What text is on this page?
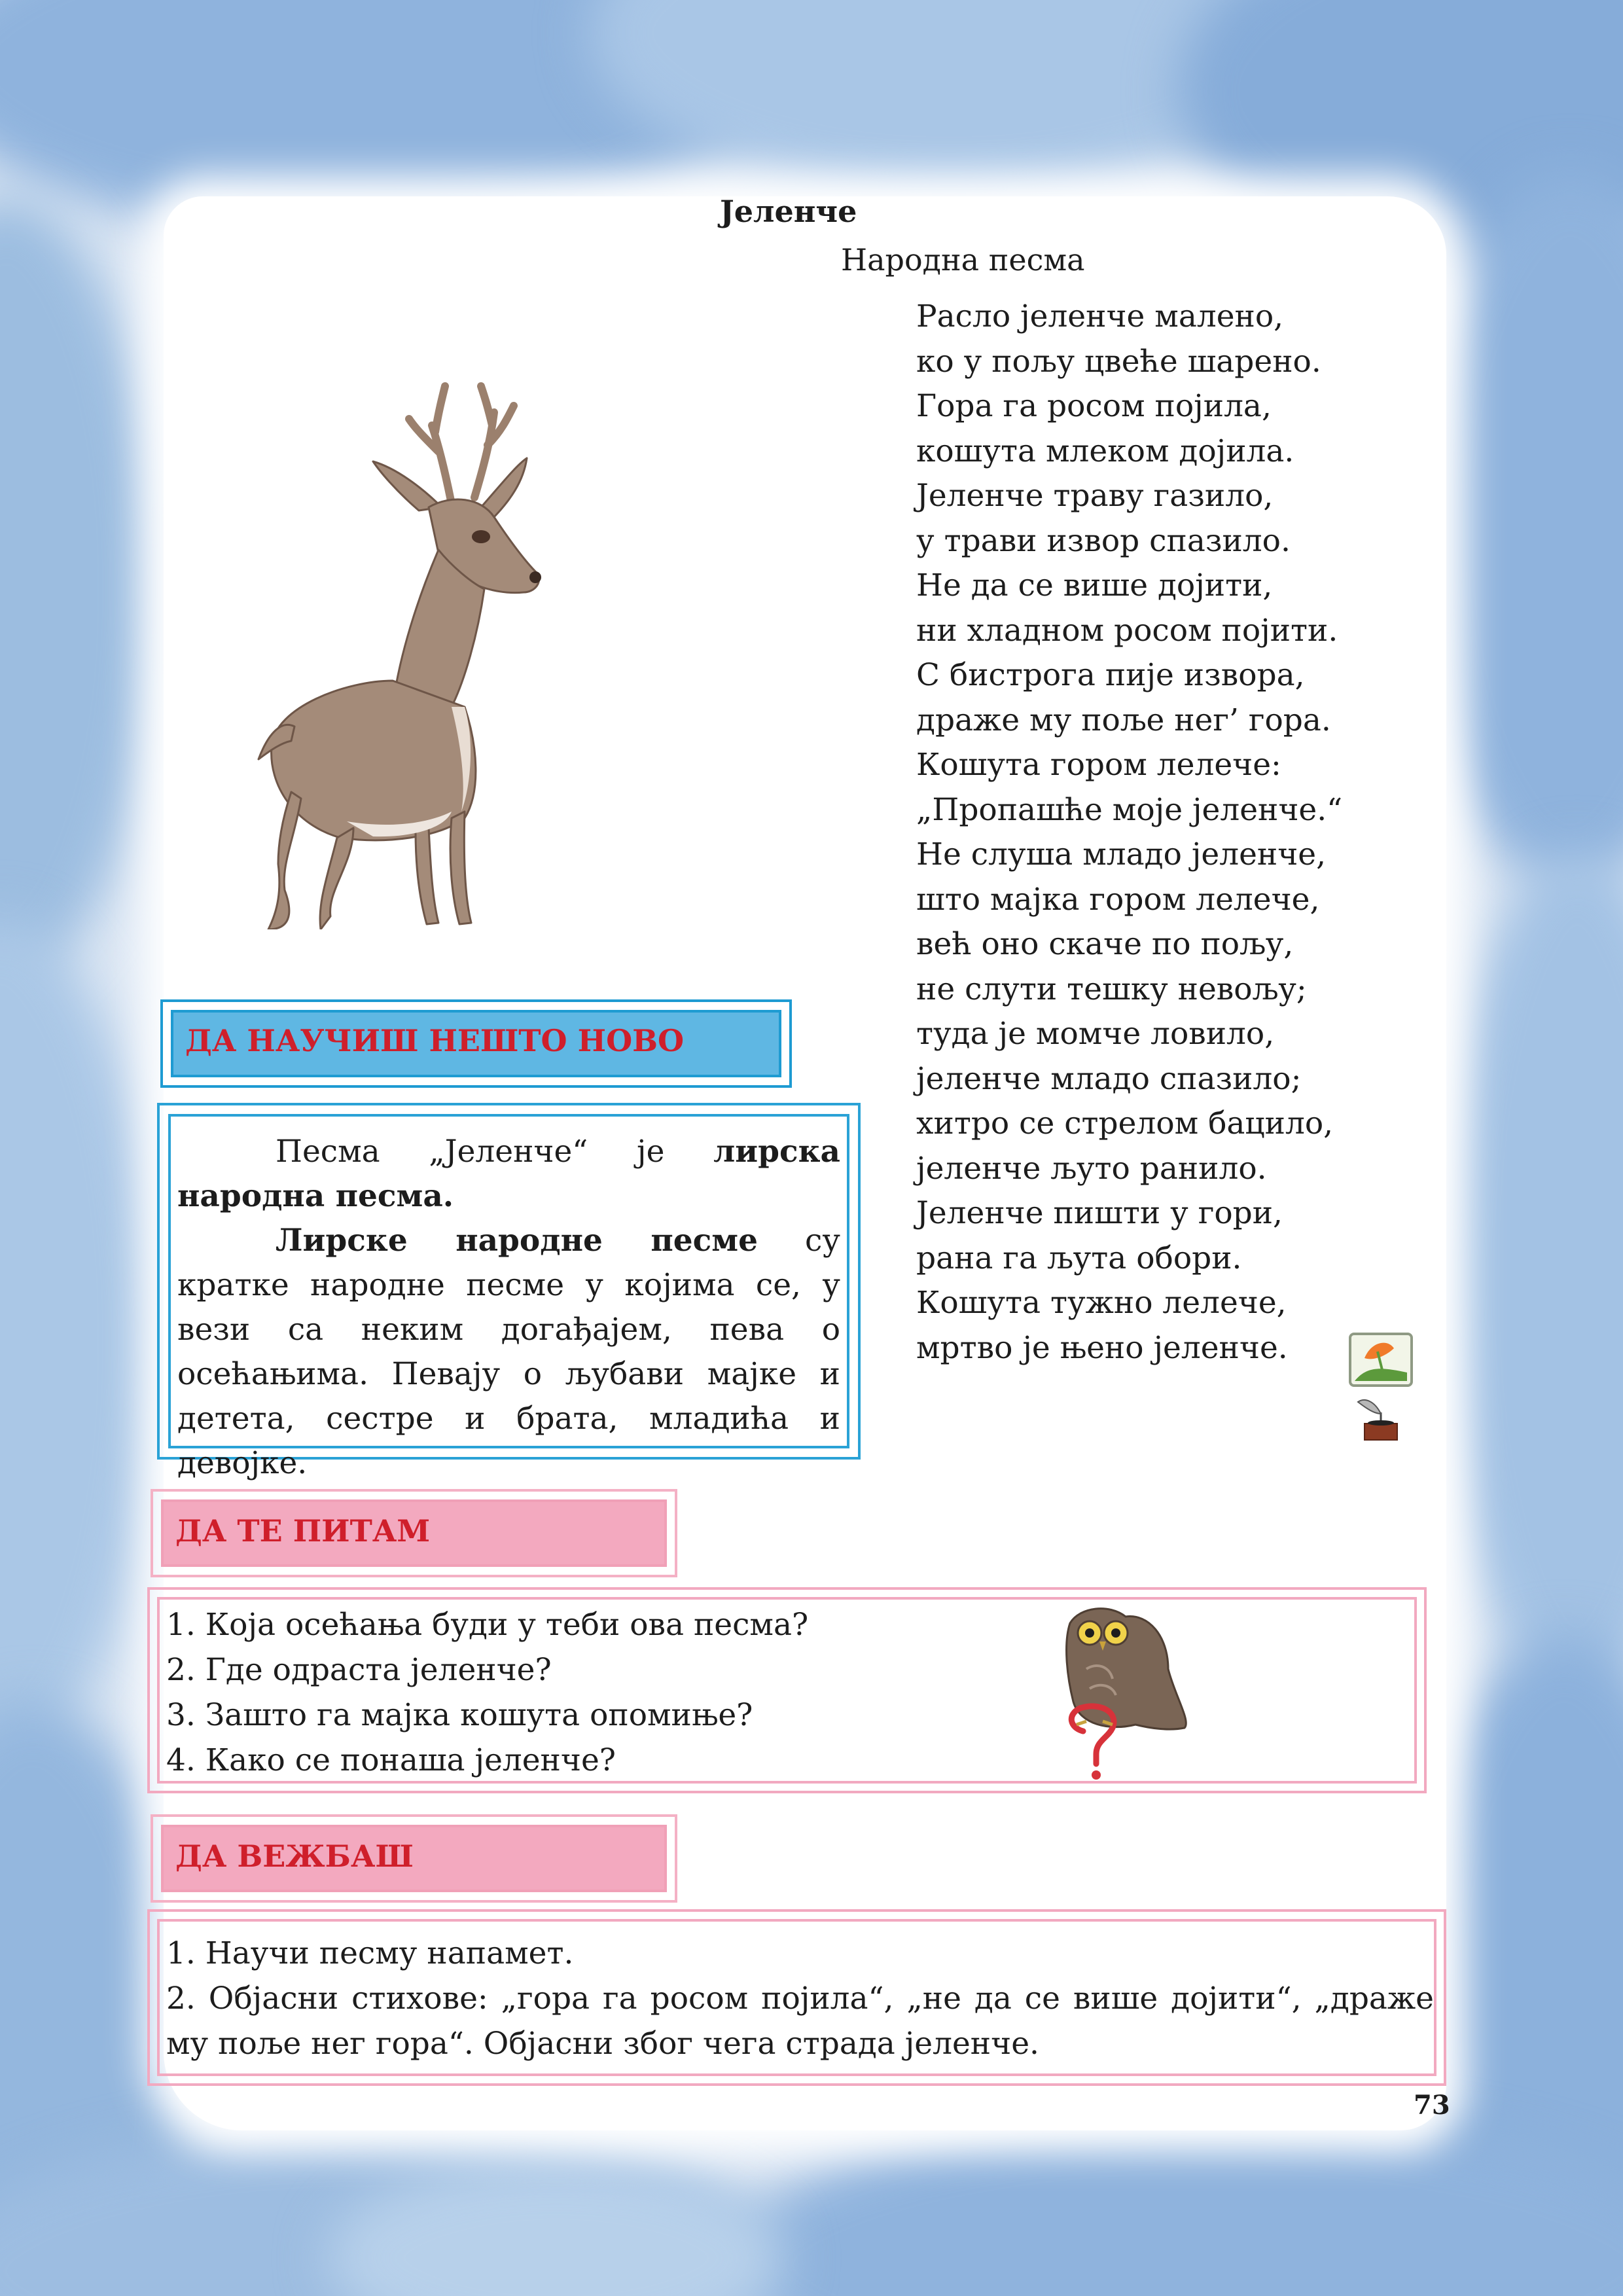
Јеленче
Народна песма
Расло јеленче малено,
ко у пољу цвеће шарено.
Гора га росом појила,
кошута млеком дојила.
Јеленче траву газило,
у трави извор спазило.
Не да се више дојити,
ни хладном росом појити.
С бистрога пије извора,
драже му поље нег’ гора.
Кошута гором лелече:
„Пропашће моје јеленче.“
Не слуша младо јеленче,
што мајка гором лелече,
већ оно скаче по пољу,
не слути тешку невољу;
туда је момче ловило,
јеленче младо спазило;
хитро се стрелом бацило,
јеленче љуто ранило.
Јеленче пишти у гори,
рана га љута обори.
Кошута тужно лелече,
мртво је њено јеленче.
ДА НАУЧИШ НЕШТО НОВО

Песма „Јеленче“ је лирска народна песма.

Лирске народне песме су кратке народне песме у којима се, у вези са неким догађајем, пева о осећањима. Певају о љубави мајке и детета, сестре и брата, младића и девојке.

ДА ТЕ ПИТАМ
1. Која осећања буди у теби ова песма?
2. Где одраста јеленче?
3. Зашто га мајка кошута опомиње?
4. Како се понаша јеленче?
ДА ВЕЖБАШ
1. Научи песму напамет.
2. Објасни стихове: „гора га росом појила“, „не да се више дојити“, „драже му поље нег гора“. Објасни због чега страда јеленче.
73
